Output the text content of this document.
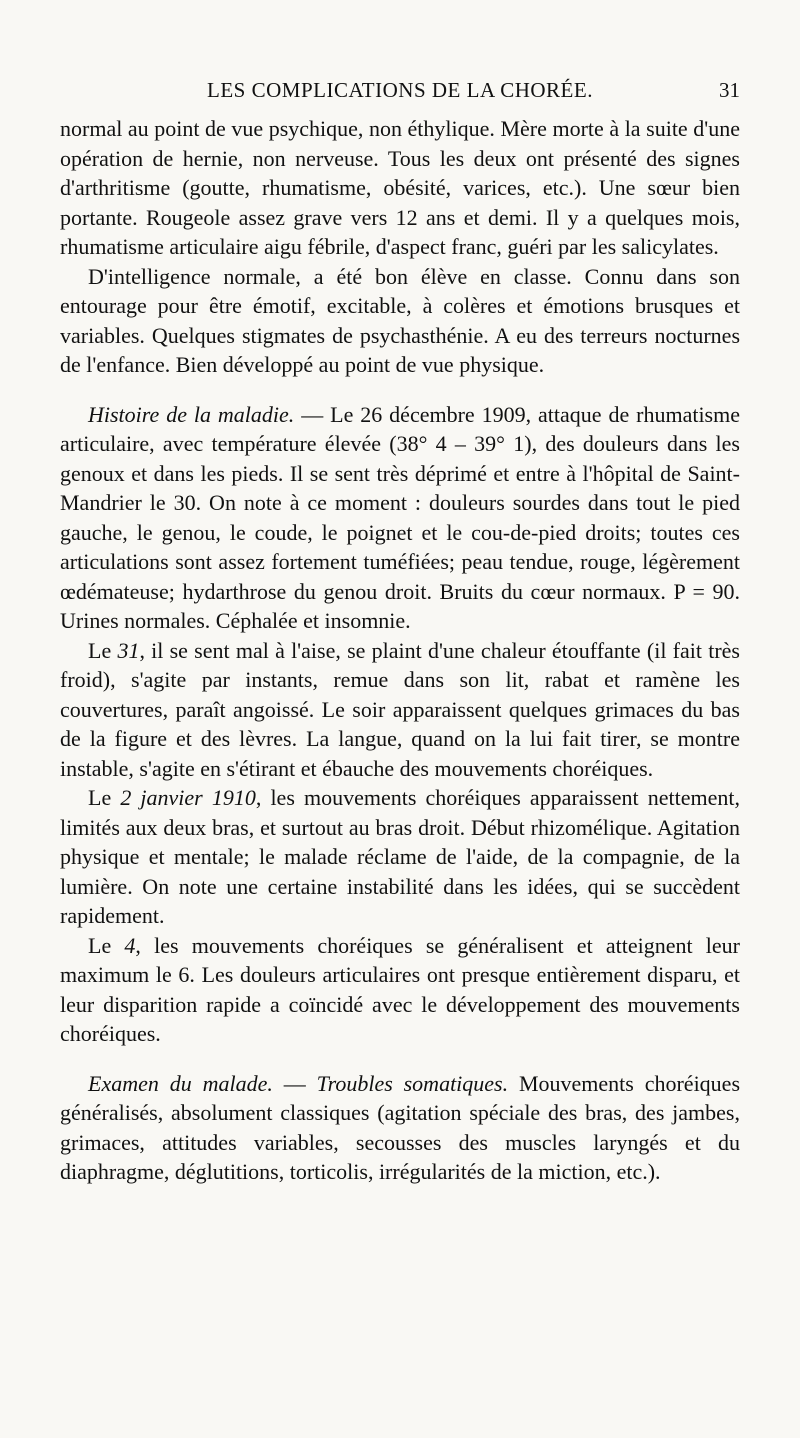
LES COMPLICATIONS DE LA CHORÉE.	31

normal au point de vue psychique, non éthylique. Mère morte à la suite d'une opération de hernie, non nerveuse. Tous les deux ont présenté des signes d'arthritisme (goutte, rhumatisme, obésité, varices, etc.). Une sœur bien portante. Rougeole assez grave vers 12 ans et demi. Il y a quelques mois, rhumatisme articulaire aigu fébrile, d'aspect franc, guéri par les salicylates.

D'intelligence normale, a été bon élève en classe. Connu dans son entourage pour être émotif, excitable, à colères et émotions brusques et variables. Quelques stigmates de psychasthénie. A eu des terreurs nocturnes de l'enfance. Bien développé au point de vue physique.

Histoire de la maladie. — Le 26 décembre 1909, attaque de rhumatisme articulaire, avec température élevée (38° 4 – 39° 1), des douleurs dans les genoux et dans les pieds. Il se sent très déprimé et entre à l'hôpital de Saint-Mandrier le 30. On note à ce moment : douleurs sourdes dans tout le pied gauche, le genou, le coude, le poignet et le cou-de-pied droits; toutes ces articulations sont assez fortement tuméfiées; peau tendue, rouge, légèrement œdémateuse; hydarthrose du genou droit. Bruits du cœur normaux. P = 90. Urines normales. Céphalée et insomnie.

Le 31, il se sent mal à l'aise, se plaint d'une chaleur étouffante (il fait très froid), s'agite par instants, remue dans son lit, rabat et ramène les couvertures, paraît angoissé. Le soir apparaissent quelques grimaces du bas de la figure et des lèvres. La langue, quand on la lui fait tirer, se montre instable, s'agite en s'étirant et ébauche des mouvements choréiques.

Le 2 janvier 1910, les mouvements choréiques apparaissent nettement, limités aux deux bras, et surtout au bras droit. Début rhizomélique. Agitation physique et mentale; le malade réclame de l'aide, de la compagnie, de la lumière. On note une certaine instabilité dans les idées, qui se succèdent rapidement.

Le 4, les mouvements choréiques se généralisent et atteignent leur maximum le 6. Les douleurs articulaires ont presque entièrement disparu, et leur disparition rapide a coïncidé avec le développement des mouvements choréiques.

Examen du malade. — Troubles somatiques. Mouvements choréiques généralisés, absolument classiques (agitation spéciale des bras, des jambes, grimaces, attitudes variables, secousses des muscles laryngés et du diaphragme, déglutitions, torticolis, irrégularités de la miction, etc.).
